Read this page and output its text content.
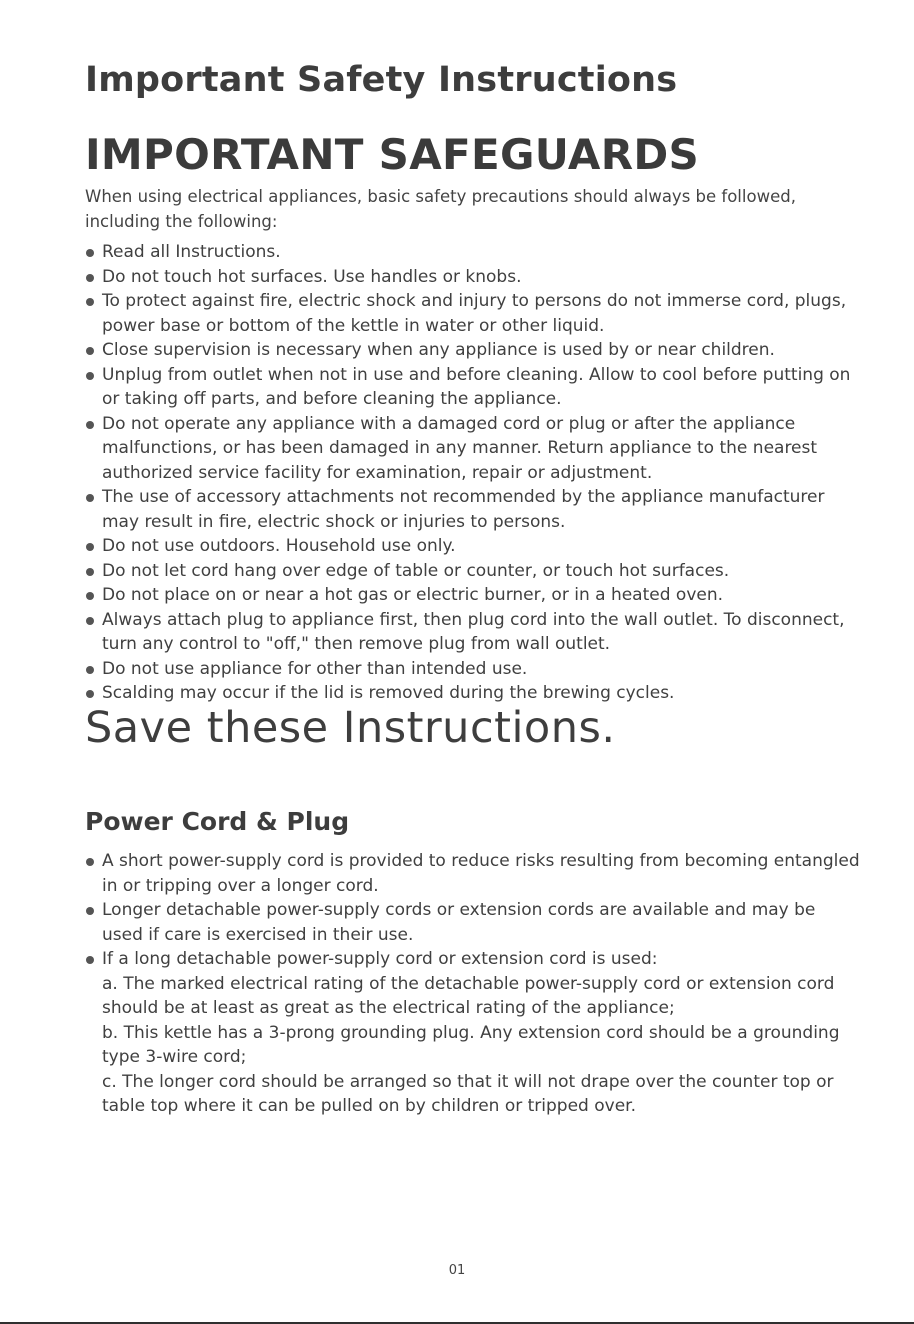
Important Safety Instructions
IMPORTANT SAFEGUARDS

When using electrical appliances, basic safety precautions should always be followed, including the following:

Read all Instructions.
Do not touch hot surfaces. Use handles or knobs.
To protect against fire, electric shock and injury to persons do not immerse cord, plugs, power base or bottom of the kettle in water or other liquid.
Close supervision is necessary when any appliance is used by or near children.
Unplug from outlet when not in use and before cleaning. Allow to cool before putting on or taking off parts, and before cleaning the appliance.
Do not operate any appliance with a damaged cord or plug or after the appliance malfunctions, or has been damaged in any manner. Return appliance to the nearest authorized service facility for examination, repair or adjustment.
The use of accessory attachments not recommended by the appliance manufacturer may result in fire, electric shock or injuries to persons.
Do not use outdoors. Household use only.
Do not let cord hang over edge of table or counter, or touch hot surfaces.
Do not place on or near a hot gas or electric burner, or in a heated oven.
Always attach plug to appliance first, then plug cord into the wall outlet. To disconnect, turn any control to "off," then remove plug from wall outlet.
Do not use appliance for other than intended use.
Scalding may occur if the lid is removed during the brewing cycles.
Save these Instructions.
Power Cord & Plug
A short power-supply cord is provided to reduce risks resulting from becoming entangled in or tripping over a longer cord.
Longer detachable power-supply cords or extension cords are available and may be used if care is exercised in their use.
If a long detachable power-supply cord or extension cord is used:
a. The marked electrical rating of the detachable power-supply cord or extension cord should be at least as great as the electrical rating of the appliance;
b. This kettle has a 3-prong grounding plug. Any extension cord should be a grounding type 3-wire cord;
c. The longer cord should be arranged so that it will not drape over the counter top or table top where it can be pulled on by children or tripped over.
01
